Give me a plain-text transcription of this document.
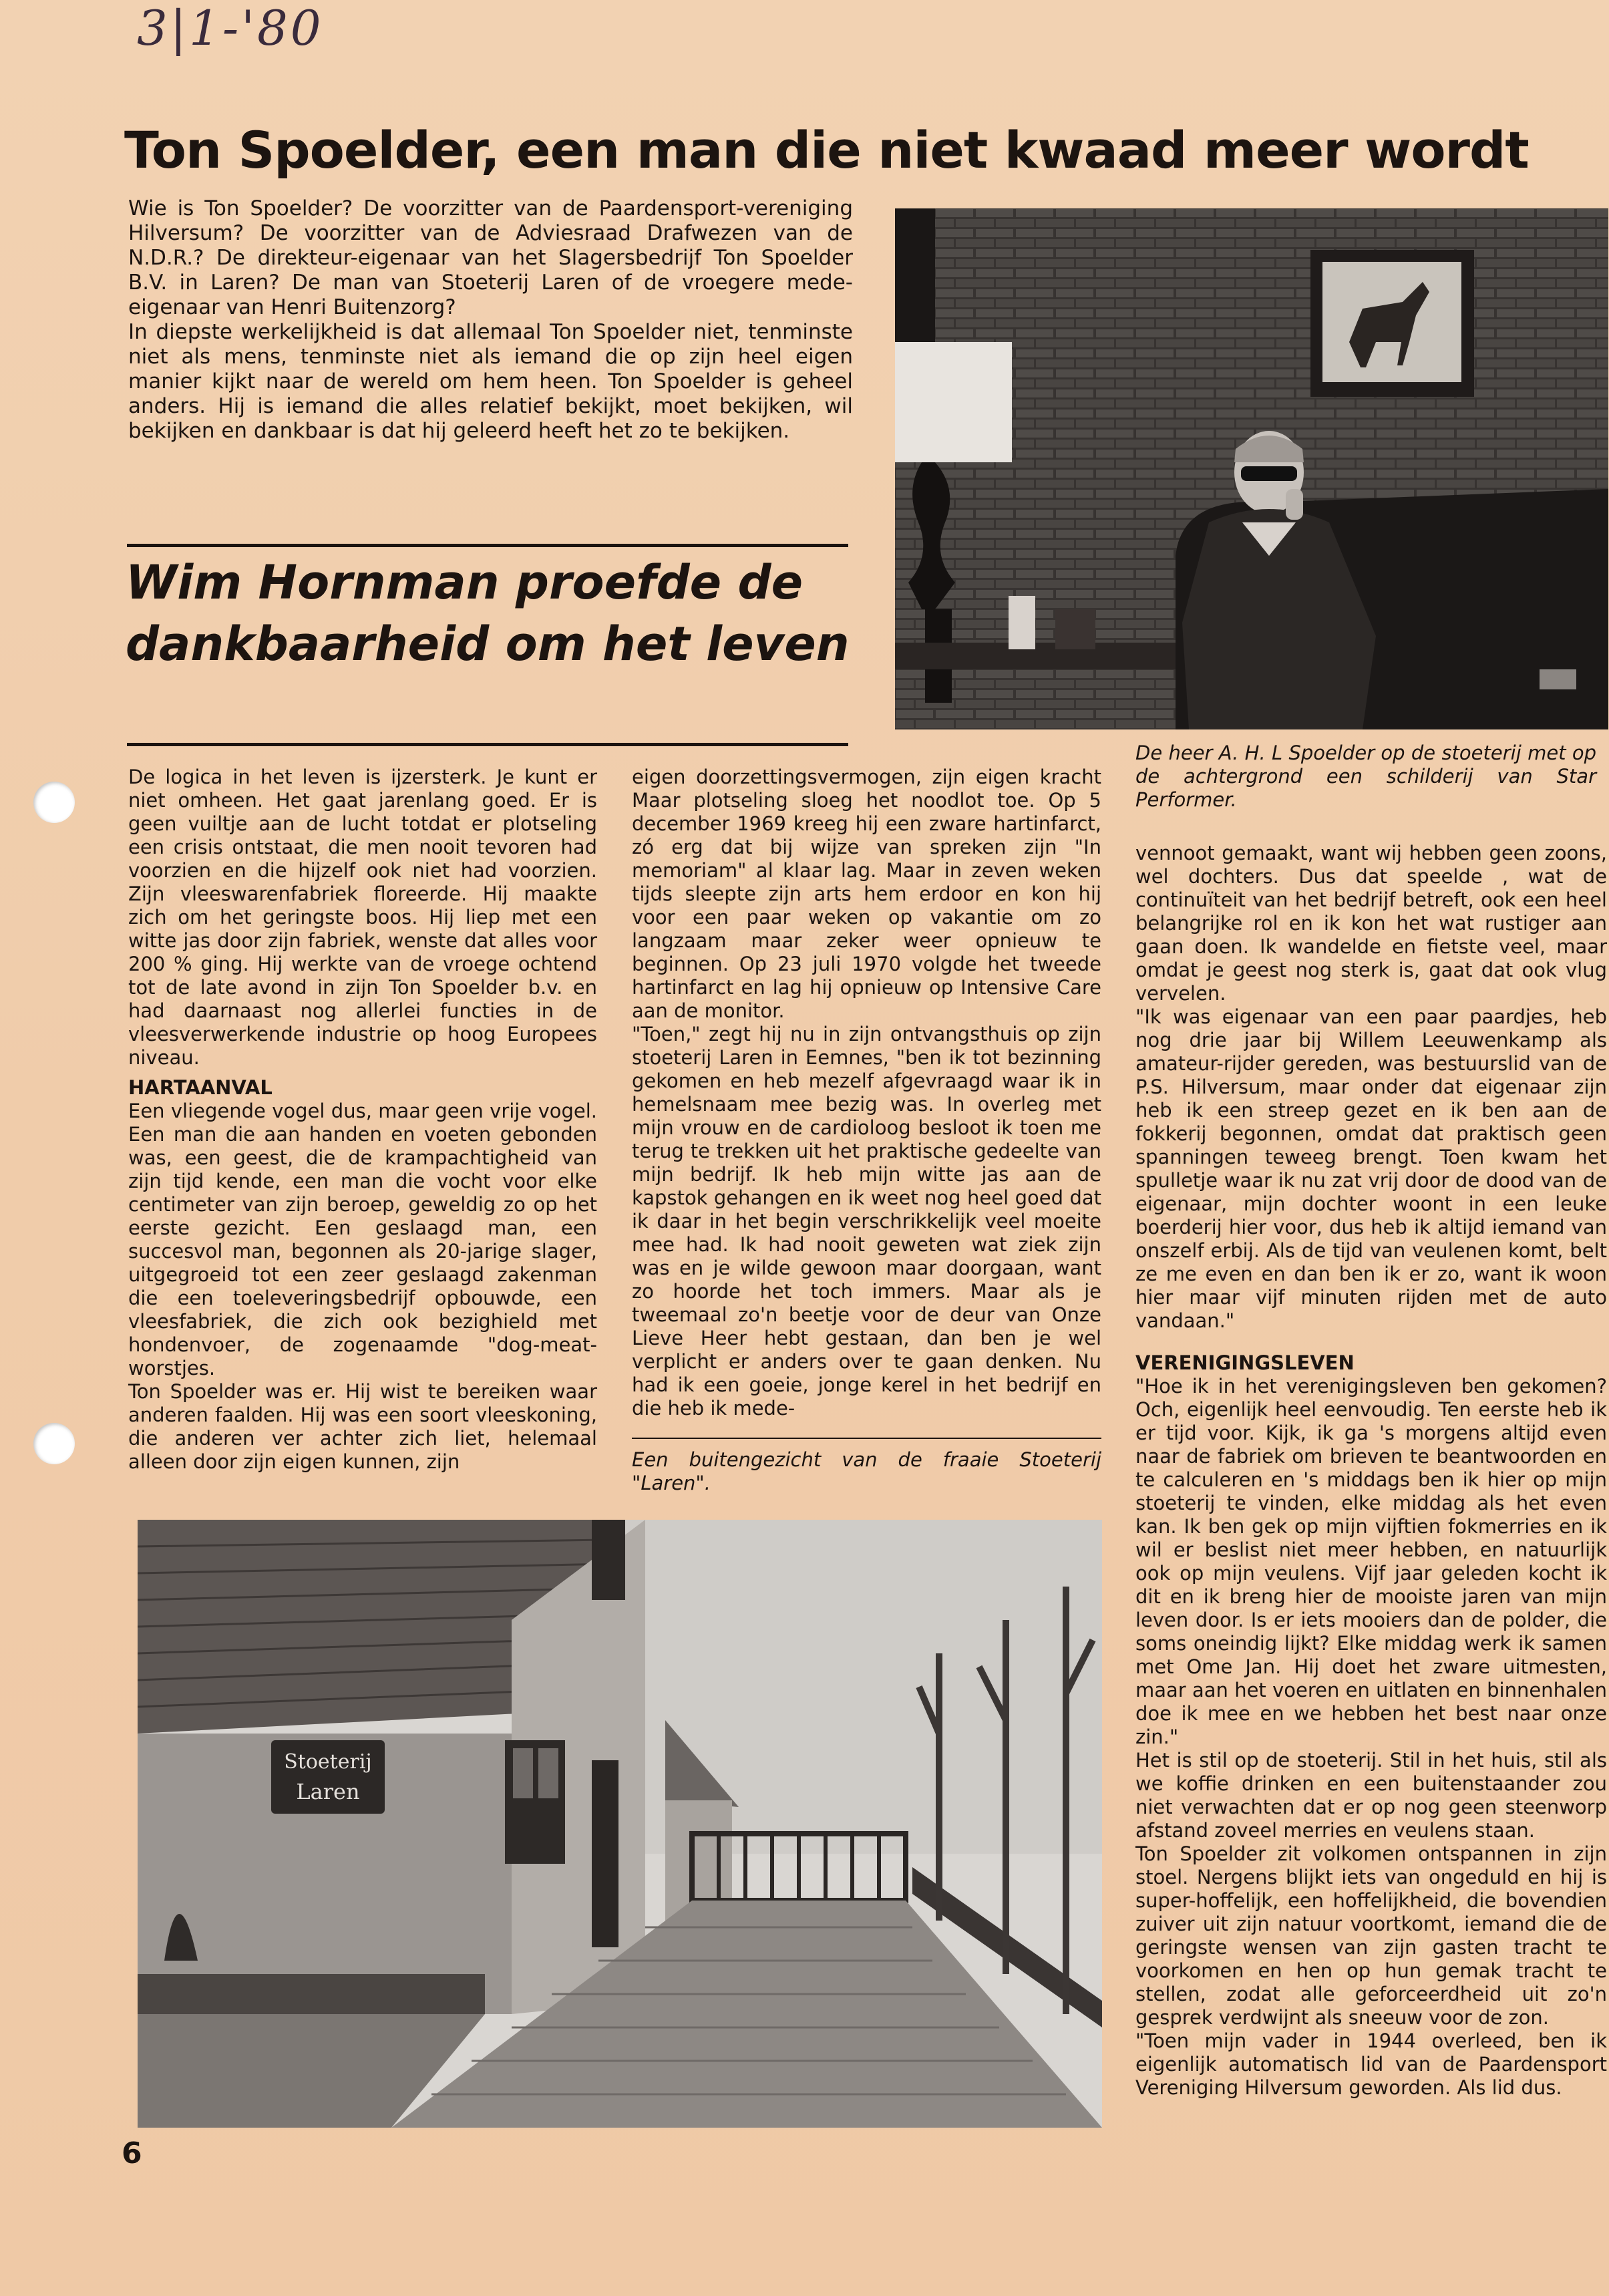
3|1-'80
Ton Spoelder, een man die niet kwaad meer wordt

Wie is Ton Spoelder? De voorzitter van de Paardensport-vereniging Hilversum? De voorzitter van de Adviesraad Drafwezen van de N.D.R.? De direkteur-eigenaar van het Slagersbedrijf Ton Spoelder B.V. in Laren? De man van Stoeterij Laren of de vroegere mede-eigenaar van Henri Buitenzorg?

In diepste werkelijkheid is dat allemaal Ton Spoelder niet, tenminste niet als mens, tenminste niet als iemand die op zijn heel eigen manier kijkt naar de wereld om hem heen. Ton Spoelder is geheel anders. Hij is iemand die alles relatief bekijkt, moet bekijken, wil bekijken en dankbaar is dat hij geleerd heeft het zo te bekijken.

Wim Hornman proefde de dankbaarheid om het leven
De heer A. H. L Spoelder op de stoeterij met op de achtergrond een schilderij van Star Performer.

De logica in het leven is ijzersterk. Je kunt er niet omheen. Het gaat jarenlang goed. Er is geen vuiltje aan de lucht totdat er plotseling een crisis ontstaat, die men nooit tevoren had voorzien en die hijzelf ook niet had voorzien. Zijn vleeswarenfabriek floreerde. Hij maakte zich om het geringste boos. Hij liep met een witte jas door zijn fabriek, wenste dat alles voor 200 % ging. Hij werkte van de vroege ochtend tot de late avond in zijn Ton Spoelder b.v. en had daarnaast nog allerlei functies in de vleesverwerkende industrie op hoog Europees niveau.

HARTAANVAL

Een vliegende vogel dus, maar geen vrije vogel. Een man die aan handen en voeten gebonden was, een geest, die de krampachtigheid van zijn tijd kende, een man die vocht voor elke centimeter van zijn beroep, geweldig zo op het eerste gezicht. Een geslaagd man, een succesvol man, begonnen als 20-jarige slager, uitgegroeid tot een zeer geslaagd zakenman die een toeleveringsbedrijf opbouwde, een vleesfabriek, die zich ook bezighield met hondenvoer, de zogenaamde "dog-meat-worstjes.

Ton Spoelder was er. Hij wist te bereiken waar anderen faalden. Hij was een soort vleeskoning, die anderen ver achter zich liet, helemaal alleen door zijn eigen kunnen, zijn

eigen doorzettingsvermogen, zijn eigen kracht Maar plotseling sloeg het noodlot toe. Op 5 december 1969 kreeg hij een zware hartinfarct, zó erg dat bij wijze van spreken zijn "In memoriam" al klaar lag. Maar in zeven weken tijds sleepte zijn arts hem erdoor en kon hij voor een paar weken op vakantie om zo langzaam maar zeker weer opnieuw te beginnen. Op 23 juli 1970 volgde het tweede hartinfarct en lag hij opnieuw op Intensive Care aan de monitor.

"Toen," zegt hij nu in zijn ontvangsthuis op zijn stoeterij Laren in Eemnes, "ben ik tot bezinning gekomen en heb mezelf afgevraagd waar ik in hemelsnaam mee bezig was. In overleg met mijn vrouw en de cardioloog besloot ik toen me terug te trekken uit het praktische gedeelte van mijn bedrijf. Ik heb mijn witte jas aan de kapstok gehangen en ik weet nog heel goed dat ik daar in het begin verschrikkelijk veel moeite mee had. Ik had nooit geweten wat ziek zijn was en je wilde gewoon maar doorgaan, want zo hoorde het toch immers. Maar als je tweemaal zo'n beetje voor de deur van Onze Lieve Heer hebt gestaan, dan ben je wel verplicht er anders over te gaan denken. Nu had ik een goeie, jonge kerel in het bedrijf en die heb ik mede-

Een buitengezicht van de fraaie Stoeterij "Laren".

vennoot gemaakt, want wij hebben geen zoons, wel dochters. Dus dat speelde , wat de continuïteit van het bedrijf betreft, ook een heel belangrijke rol en ik kon het wat rustiger aan gaan doen. Ik wandelde en fietste veel, maar omdat je geest nog sterk is, gaat dat ook vlug vervelen.

"Ik was eigenaar van een paar paardjes, heb nog drie jaar bij Willem Leeuwenkamp als amateur-rijder gereden, was bestuurslid van de P.S. Hilversum, maar onder dat eigenaar zijn heb ik een streep gezet en ik ben aan de fokkerij begonnen, omdat dat praktisch geen spanningen teweeg brengt. Toen kwam het spulletje waar ik nu zat vrij door de dood van de eigenaar, mijn dochter woont in een leuke boerderij hier voor, dus heb ik altijd iemand van onszelf erbij. Als de tijd van veulenen komt, belt ze me even en dan ben ik er zo, want ik woon hier maar vijf minuten rijden met de auto vandaan."

VERENIGINGSLEVEN

"Hoe ik in het verenigingsleven ben gekomen? Och, eigenlijk heel eenvoudig. Ten eerste heb ik er tijd voor. Kijk, ik ga 's morgens altijd even naar de fabriek om brieven te beantwoorden en te calculeren en 's middags ben ik hier op mijn stoeterij te vinden, elke middag als het even kan. Ik ben gek op mijn vijftien fokmerries en ik wil er beslist niet meer hebben, en natuurlijk ook op mijn veulens. Vijf jaar geleden kocht ik dit en ik breng hier de mooiste jaren van mijn leven door. Is er iets mooiers dan de polder, die soms oneindig lijkt? Elke middag werk ik samen met Ome Jan. Hij doet het zware uitmesten, maar aan het voeren en uitlaten en binnenhalen doe ik mee en we hebben het best naar onze zin."

Het is stil op de stoeterij. Stil in het huis, stil als we koffie drinken en een buitenstaander zou niet verwachten dat er op nog geen steenworp afstand zoveel merries en veulens staan.

Ton Spoelder zit volkomen ontspannen in zijn stoel. Nergens blijkt iets van ongeduld en hij is super-hoffelijk, een hoffelijkheid, die bovendien zuiver uit zijn natuur voortkomt, iemand die de geringste wensen van zijn gasten tracht te voorkomen en hen op hun gemak tracht te stellen, zodat alle geforceerdheid uit zo'n gesprek verdwijnt als sneeuw voor de zon.

"Toen mijn vader in 1944 overleed, ben ik eigenlijk automatisch lid van de Paardensport Vereniging Hilversum geworden. Als lid dus.

Stoeterij
Laren
6
